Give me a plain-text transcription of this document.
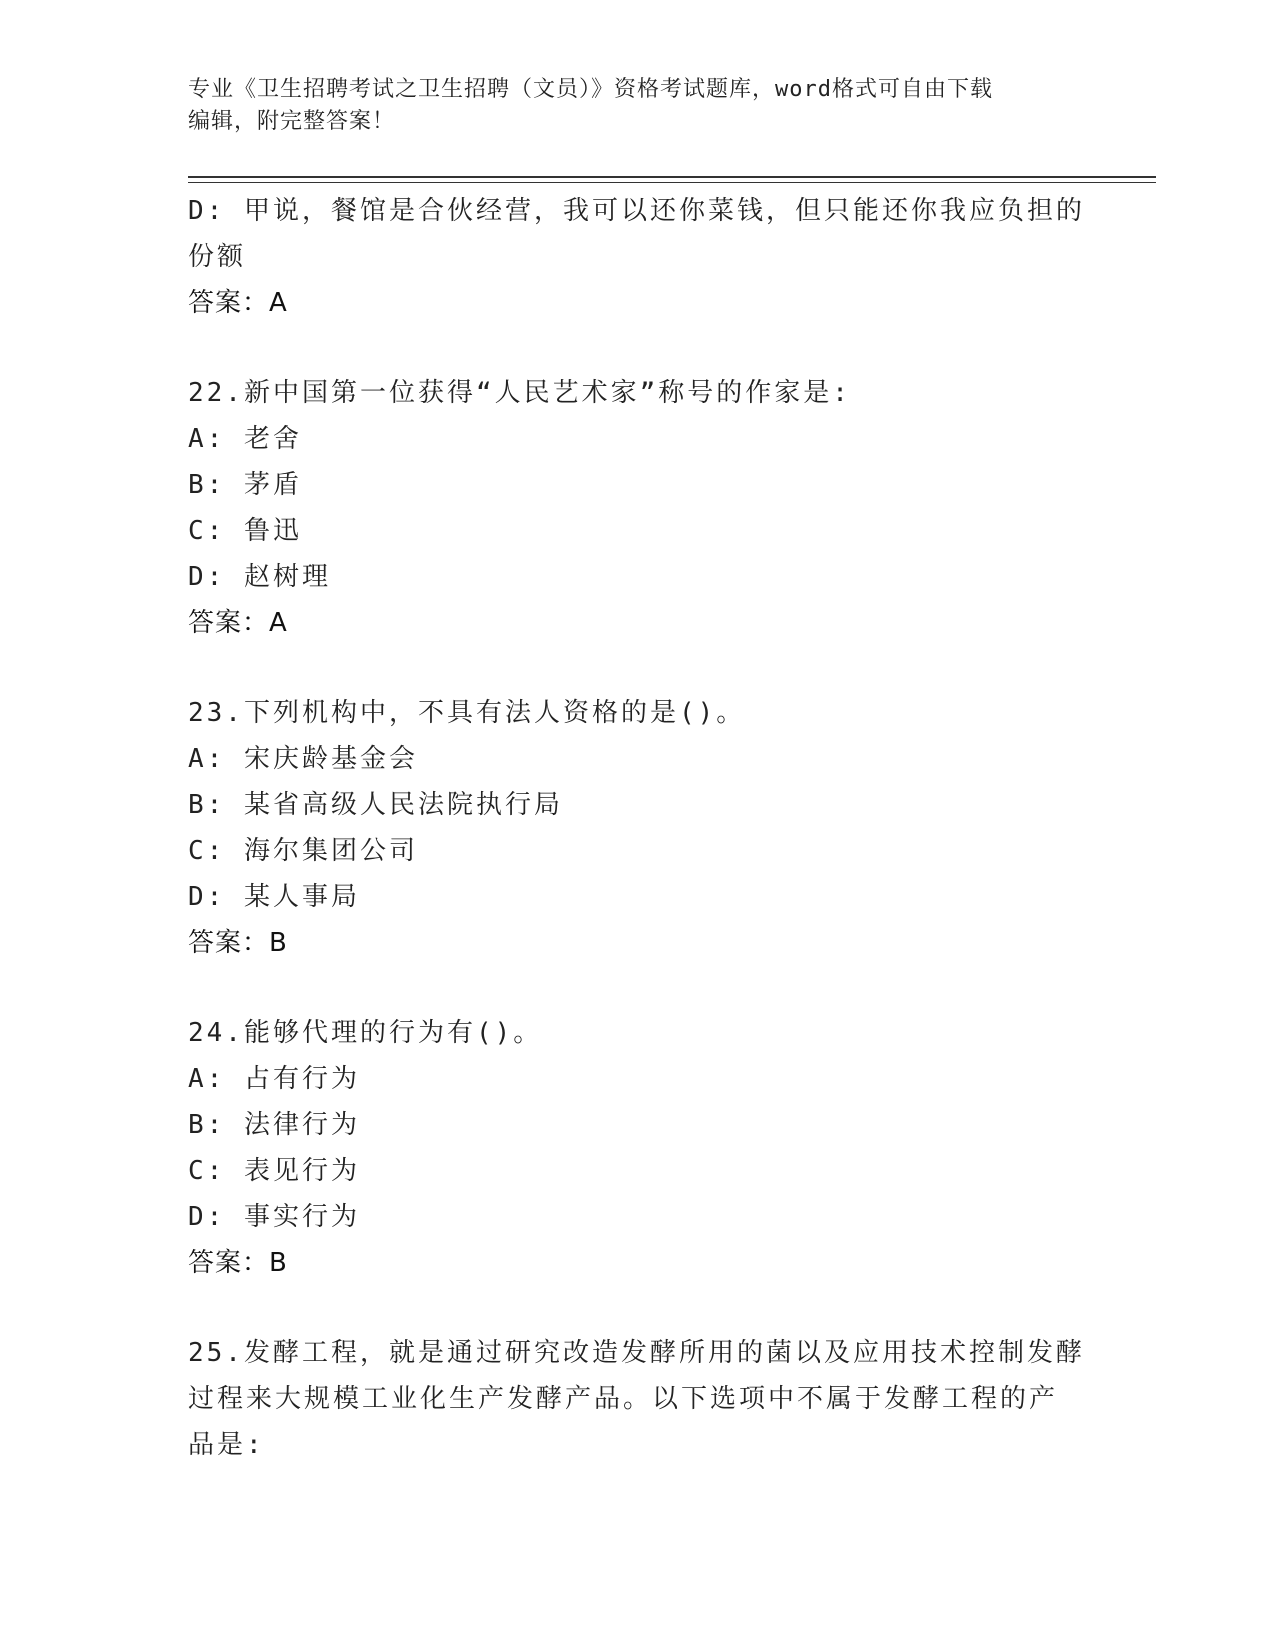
专业《卫生招聘考试之卫生招聘（文员）》资格考试题库，word格式可自由下载
编辑，附完整答案！
D: 甲说，餐馆是合伙经营，我可以还你菜钱，但只能还你我应负担的
份额
答案：A
22.新中国第一位获得“人民艺术家”称号的作家是:
A: 老舍
B: 茅盾
C: 鲁迅
D: 赵树理
答案：A
23.下列机构中，不具有法人资格的是()。
A: 宋庆龄基金会
B: 某省高级人民法院执行局
C: 海尔集团公司
D: 某人事局
答案：B
24.能够代理的行为有()。
A: 占有行为
B: 法律行为
C: 表见行为
D: 事实行为
答案：B
25.发酵工程，就是通过研究改造发酵所用的菌以及应用技术控制发酵
过程来大规模工业化生产发酵产品。以下选项中不属于发酵工程的产
品是:
